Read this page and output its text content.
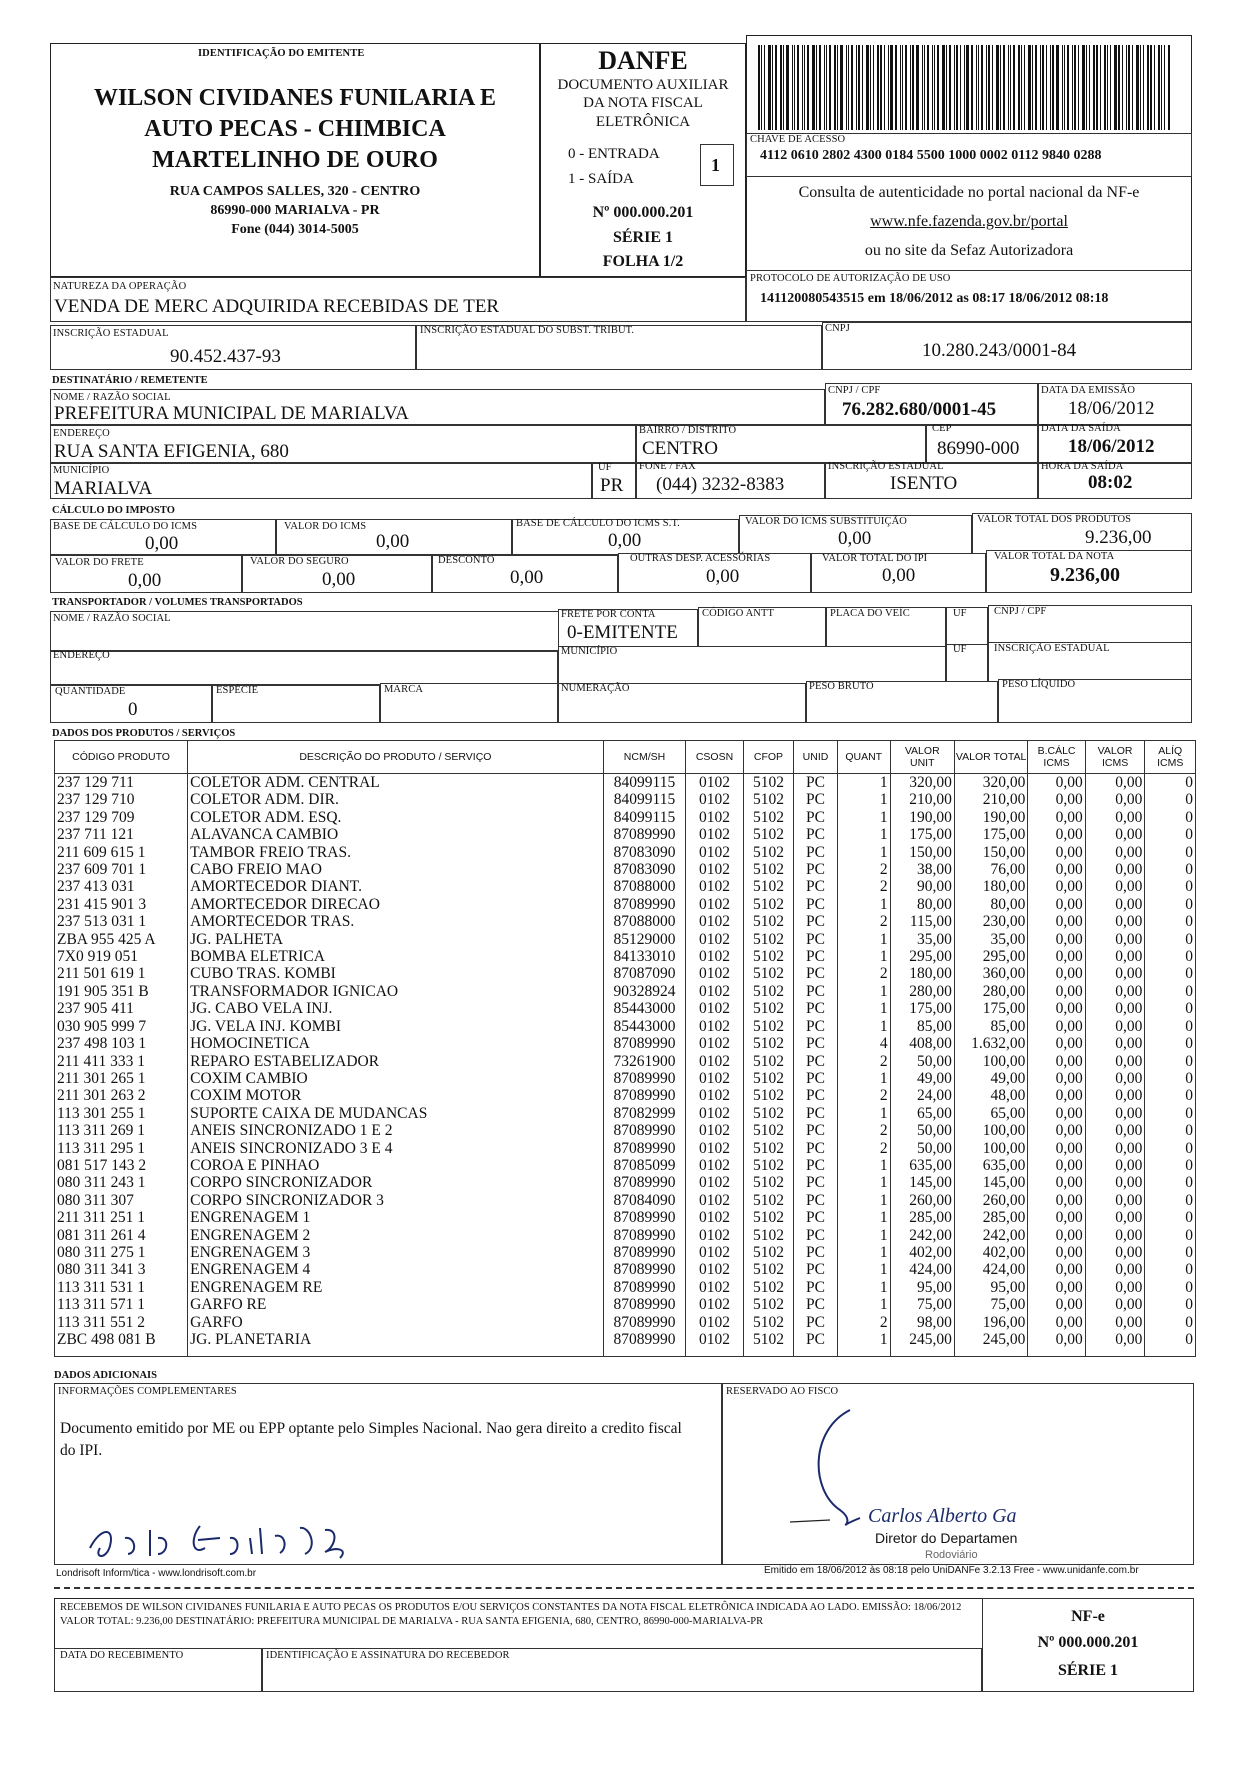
IDENTIFICAÇÃO DO EMITENTE
WILSON CIVIDANES FUNILARIA E
AUTO PECAS - CHIMBICA
MARTELINHO DE OURO
RUA CAMPOS SALLES, 320 - CENTRO
86990-000 MARIALVA - PR
Fone (044) 3014-5005
DANFE
DOCUMENTO AUXILIAR
DA NOTA FISCAL
ELETRÔNICA
0 - ENTRADA
1 - SAÍDA
1
Nº 000.000.201
SÉRIE 1
FOLHA 1/2
CHAVE DE ACESSO
4112 0610 2802 4300 0184 5500 1000 0002 0112 9840 0288
Consulta de autenticidade no portal nacional da NF-e
www.nfe.fazenda.gov.br/portal
ou no site da Sefaz Autorizadora
NATUREZA DA OPERAÇÃO
VENDA DE MERC ADQUIRIDA RECEBIDAS DE TER
PROTOCOLO DE AUTORIZAÇÃO DE USO
141120080543515 em 18/06/2012 as 08:17 18/06/2012 08:18
INSCRIÇÃO ESTADUAL
90.452.437-93
INSCRIÇÃO ESTADUAL DO SUBST. TRIBUT.	CNPJ
10.280.243/0001-84
DESTINATÁRIO / REMETENTE
NOME / RAZÃO SOCIAL
PREFEITURA MUNICIPAL DE MARIALVA
CNPJ / CPF
76.282.680/0001-45
DATA DA EMISSÃO
18/06/2012
ENDEREÇO
RUA SANTA EFIGENIA, 680
BAIRRO / DISTRITO
CENTRO
CEP
86990-000
DATA DA SAÍDA
18/06/2012
MUNICÍPIO
MARIALVA
UF
PR
FONE / FAX
(044) 3232-8383
INSCRIÇÃO ESTADUAL
ISENTO
HORA DA SAÍDA
08:02
CÁLCULO DO IMPOSTO
BASE DE CÁLCULO DO ICMS
0,00
VALOR DO ICMS
0,00
BASE DE CÁLCULO DO ICMS S.T.
0,00
VALOR DO ICMS SUBSTITUIÇÃO
0,00
VALOR TOTAL DOS PRODUTOS
9.236,00
VALOR DO FRETE
0,00
VALOR DO SEGURO
0,00
DESCONTO
0,00
OUTRAS DESP. ACESSÓRIAS
0,00
VALOR TOTAL DO IPI
0,00
VALOR TOTAL DA NOTA
9.236,00
TRANSPORTADOR / VOLUMES TRANSPORTADOS
NOME / RAZÃO SOCIAL	FRETE POR CONTA
0-EMITENTE
CÓDIGO ANTT	PLACA DO VEÍC	UF	CNPJ / CPF
ENDEREÇO	MUNICÍPIO	UF	INSCRIÇÃO ESTADUAL
QUANTIDADE
0
ESPÉCIE	MARCA	NUMERAÇÃO	PESO BRUTO	PESO LÍQUIDO
DADOS DOS PRODUTOS / SERVIÇOS
CÓDIGO PRODUTO	DESCRIÇÃO DO PRODUTO / SERVIÇO	NCM/SH	CSOSN	CFOP	UNID	QUANT	VALOR UNIT	VALOR TOTAL	B.CÁLC ICMS	VALOR ICMS	ALÍQ ICMS
237 129 711	COLETOR ADM. CENTRAL	84099115	0102	5102	PC	1	320,00	320,00	0,00	0,00	0
237 129 710	COLETOR ADM. DIR.	84099115	0102	5102	PC	1	210,00	210,00	0,00	0,00	0
237 129 709	COLETOR ADM. ESQ.	84099115	0102	5102	PC	1	190,00	190,00	0,00	0,00	0
237 711 121	ALAVANCA CAMBIO	87089990	0102	5102	PC	1	175,00	175,00	0,00	0,00	0
211 609 615 1	TAMBOR FREIO TRAS.	87083090	0102	5102	PC	1	150,00	150,00	0,00	0,00	0
237 609 701 1	CABO FREIO MAO	87083090	0102	5102	PC	2	38,00	76,00	0,00	0,00	0
237 413 031	AMORTECEDOR DIANT.	87088000	0102	5102	PC	2	90,00	180,00	0,00	0,00	0
231 415 901 3	AMORTECEDOR DIRECAO	87089990	0102	5102	PC	1	80,00	80,00	0,00	0,00	0
237 513 031 1	AMORTECEDOR TRAS.	87088000	0102	5102	PC	2	115,00	230,00	0,00	0,00	0
ZBA 955 425 A	JG. PALHETA	85129000	0102	5102	PC	1	35,00	35,00	0,00	0,00	0
7X0 919 051	BOMBA ELETRICA	84133010	0102	5102	PC	1	295,00	295,00	0,00	0,00	0
211 501 619 1	CUBO TRAS. KOMBI	87087090	0102	5102	PC	2	180,00	360,00	0,00	0,00	0
191 905 351 B	TRANSFORMADOR IGNICAO	90328924	0102	5102	PC	1	280,00	280,00	0,00	0,00	0
237 905 411	JG. CABO VELA INJ.	85443000	0102	5102	PC	1	175,00	175,00	0,00	0,00	0
030 905 999 7	JG. VELA INJ. KOMBI	85443000	0102	5102	PC	1	85,00	85,00	0,00	0,00	0
237 498 103 1	HOMOCINETICA	87089990	0102	5102	PC	4	408,00	1.632,00	0,00	0,00	0
211 411 333 1	REPARO ESTABELIZADOR	73261900	0102	5102	PC	2	50,00	100,00	0,00	0,00	0
211 301 265 1	COXIM CAMBIO	87089990	0102	5102	PC	1	49,00	49,00	0,00	0,00	0
211 301 263 2	COXIM MOTOR	87089990	0102	5102	PC	2	24,00	48,00	0,00	0,00	0
113 301 255 1	SUPORTE CAIXA DE MUDANCAS	87082999	0102	5102	PC	1	65,00	65,00	0,00	0,00	0
113 311 269 1	ANEIS SINCRONIZADO 1 E 2	87089990	0102	5102	PC	2	50,00	100,00	0,00	0,00	0
113 311 295 1	ANEIS SINCRONIZADO 3 E 4	87089990	0102	5102	PC	2	50,00	100,00	0,00	0,00	0
081 517 143 2	COROA E PINHAO	87085099	0102	5102	PC	1	635,00	635,00	0,00	0,00	0
080 311 243 1	CORPO SINCRONIZADOR	87089990	0102	5102	PC	1	145,00	145,00	0,00	0,00	0
080 311 307	CORPO SINCRONIZADOR 3	87084090	0102	5102	PC	1	260,00	260,00	0,00	0,00	0
211 311 251 1	ENGRENAGEM 1	87089990	0102	5102	PC	1	285,00	285,00	0,00	0,00	0
081 311 261 4	ENGRENAGEM 2	87089990	0102	5102	PC	1	242,00	242,00	0,00	0,00	0
080 311 275 1	ENGRENAGEM 3	87089990	0102	5102	PC	1	402,00	402,00	0,00	0,00	0
080 311 341 3	ENGRENAGEM 4	87089990	0102	5102	PC	1	424,00	424,00	0,00	0,00	0
113 311 531 1	ENGRENAGEM RE	87089990	0102	5102	PC	1	95,00	95,00	0,00	0,00	0
113 311 571 1	GARFO RE	87089990	0102	5102	PC	1	75,00	75,00	0,00	0,00	0
113 311 551 2	GARFO	87089990	0102	5102	PC	2	98,00	196,00	0,00	0,00	0
ZBC 498 081 B	JG. PLANETARIA	87089990	0102	5102	PC	1	245,00	245,00	0,00	0,00	0

DADOS ADICIONAIS
INFORMAÇÕES COMPLEMENTARES
Documento emitido por ME ou EPP optante pelo Simples Nacional. Nao gera direito a credito fiscal do IPI.
RESERVADO AO FISCO
Carlos Alberto Ga
Diretor do Departamen
Rodoviário
Londrisoft Inform/tica - www.londrisoft.com.br	Emitido em 18/06/2012 às 08:18 pelo UniDANFe 3.2.13 Free - www.unidanfe.com.br
RECEBEMOS DE WILSON CIVIDANES FUNILARIA E AUTO PECAS OS PRODUTOS E/OU SERVIÇOS CONSTANTES DA NOTA FISCAL ELETRÔNICA INDICADA AO LADO. EMISSÃO: 18/06/2012 VALOR TOTAL: 9.236,00 DESTINATÁRIO: PREFEITURA MUNICIPAL DE MARIALVA - RUA SANTA EFIGENIA, 680, CENTRO, 86990-000-MARIALVA-PR
DATA DO RECEBIMENTO	IDENTIFICAÇÃO E ASSINATURA DO RECEBEDOR
NF-e
Nº 000.000.201
SÉRIE 1
